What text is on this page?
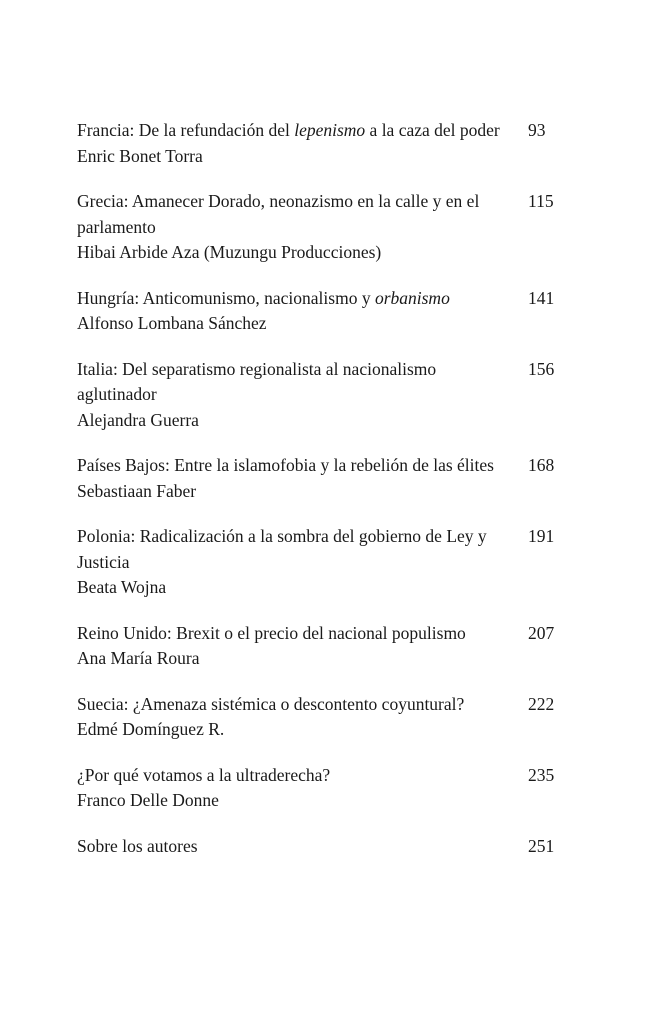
Francia: De la refundación del lepenismo a la caza del poder
Enric Bonet Torra
93
Grecia: Amanecer Dorado, neonazismo en la calle y en el parlamento
Hibai Arbide Aza (Muzungu Producciones)
115
Hungría: Anticomunismo, nacionalismo y orbanismo
Alfonso Lombana Sánchez
141
Italia: Del separatismo regionalista al nacionalismo aglutinador
Alejandra Guerra
156
Países Bajos: Entre la islamofobia y la rebelión de las élites
Sebastiaan Faber
168
Polonia: Radicalización a la sombra del gobierno de Ley y Justicia
Beata Wojna
191
Reino Unido: Brexit o el precio del nacional populismo
Ana María Roura
207
Suecia: ¿Amenaza sistémica o descontento coyuntural?
Edmé Domínguez R.
222
¿Por qué votamos a la ultraderecha?
Franco Delle Donne
235
Sobre los autores	251
